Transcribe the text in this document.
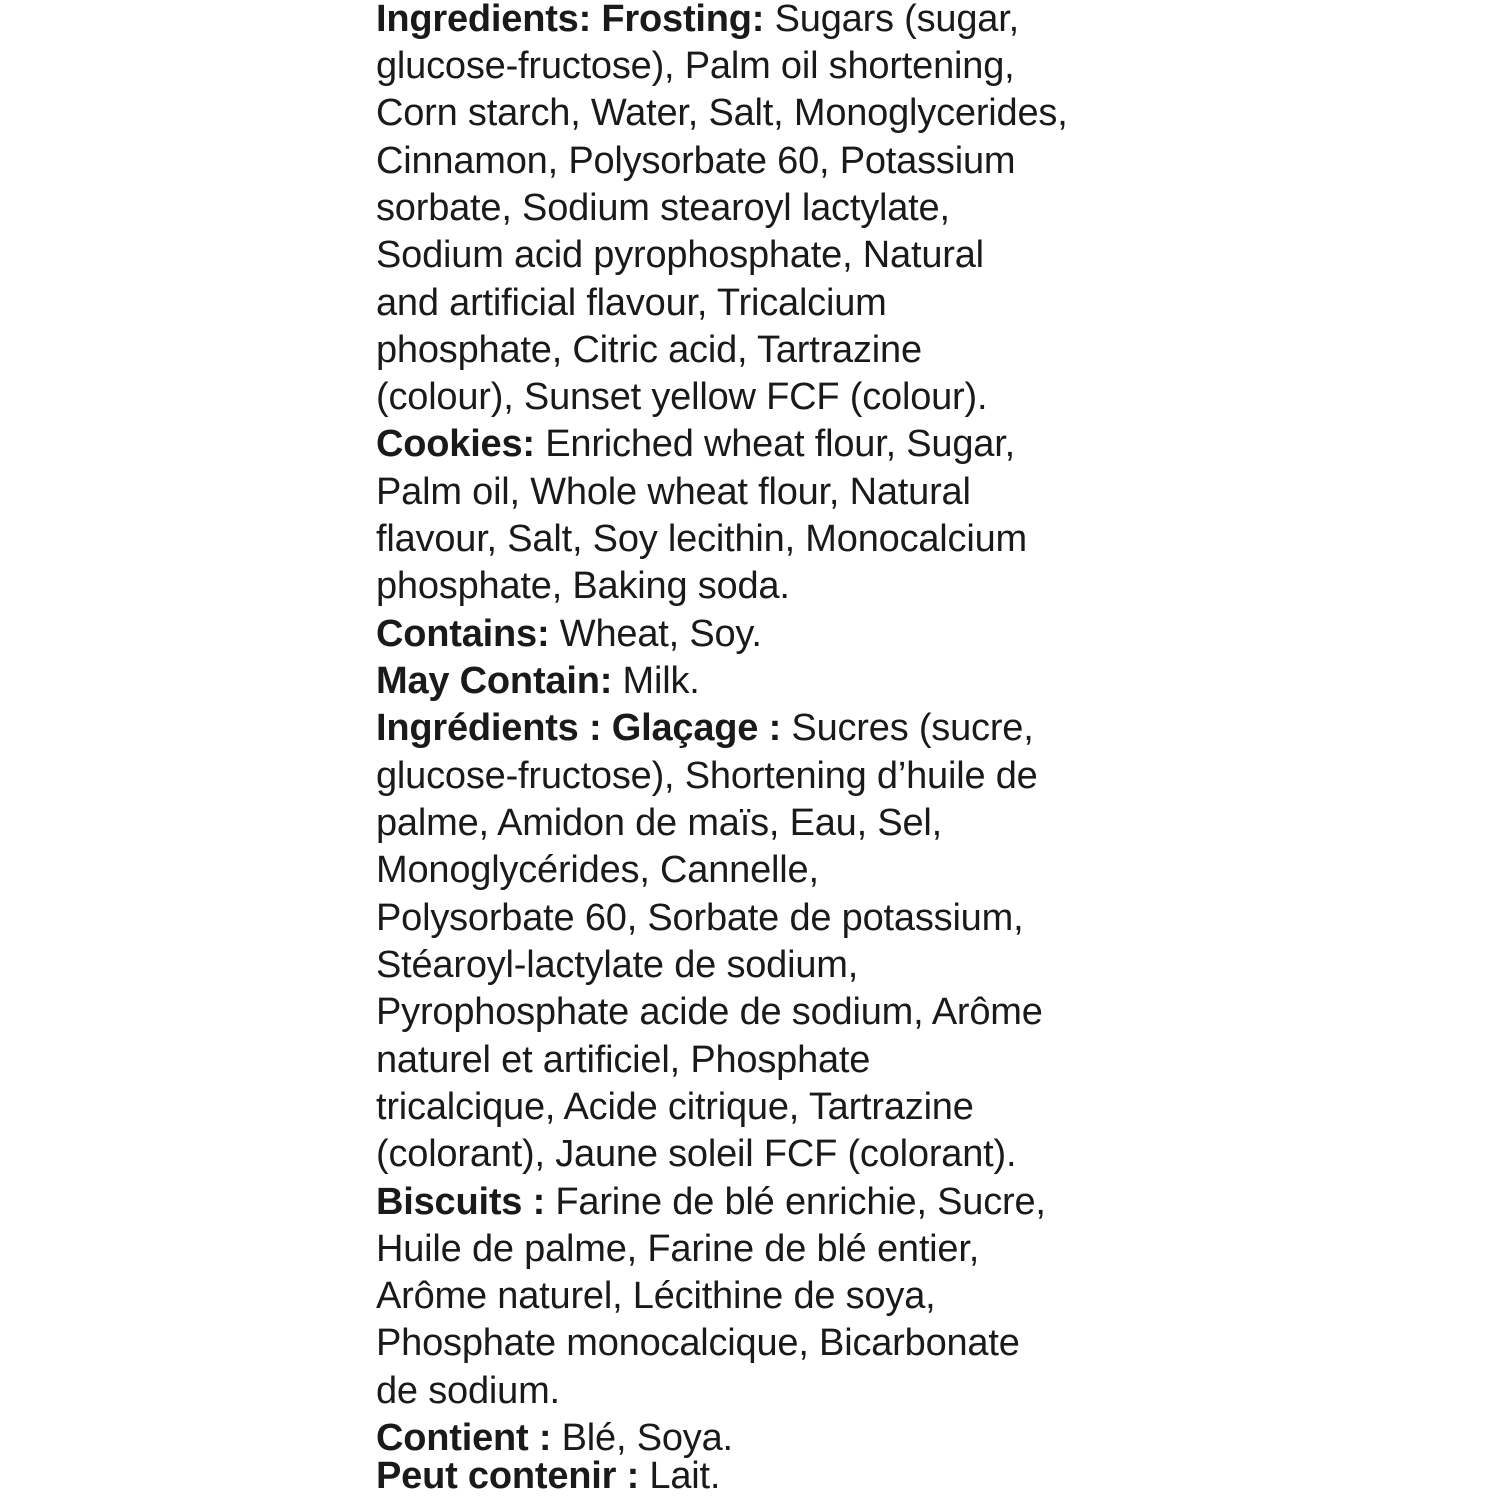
Ingredients: Frosting: Sugars (sugar,
glucose-fructose), Palm oil shortening,
Corn starch, Water, Salt, Monoglycerides,
Cinnamon, Polysorbate 60, Potassium
sorbate, Sodium stearoyl lactylate,
Sodium acid pyrophosphate, Natural
and artificial flavour, Tricalcium
phosphate, Citric acid, Tartrazine
(colour), Sunset yellow FCF (colour).
Cookies: Enriched wheat flour, Sugar,
Palm oil, Whole wheat flour, Natural
flavour, Salt, Soy lecithin, Monocalcium
phosphate, Baking soda.
Contains: Wheat, Soy.
May Contain: Milk.
Ingrédients : Glaçage : Sucres (sucre,
glucose-fructose), Shortening d’huile de
palme, Amidon de maïs, Eau, Sel,
Monoglycérides, Cannelle,
Polysorbate 60, Sorbate de potassium,
Stéaroyl-lactylate de sodium,
Pyrophosphate acide de sodium, Arôme
naturel et artificiel, Phosphate
tricalcique, Acide citrique, Tartrazine
(colorant), Jaune soleil FCF (colorant).
Biscuits : Farine de blé enrichie, Sucre,
Huile de palme, Farine de blé entier,
Arôme naturel, Lécithine de soya,
Phosphate monocalcique, Bicarbonate
de sodium.
Contient : Blé, Soya.
Peut contenir : Lait.
